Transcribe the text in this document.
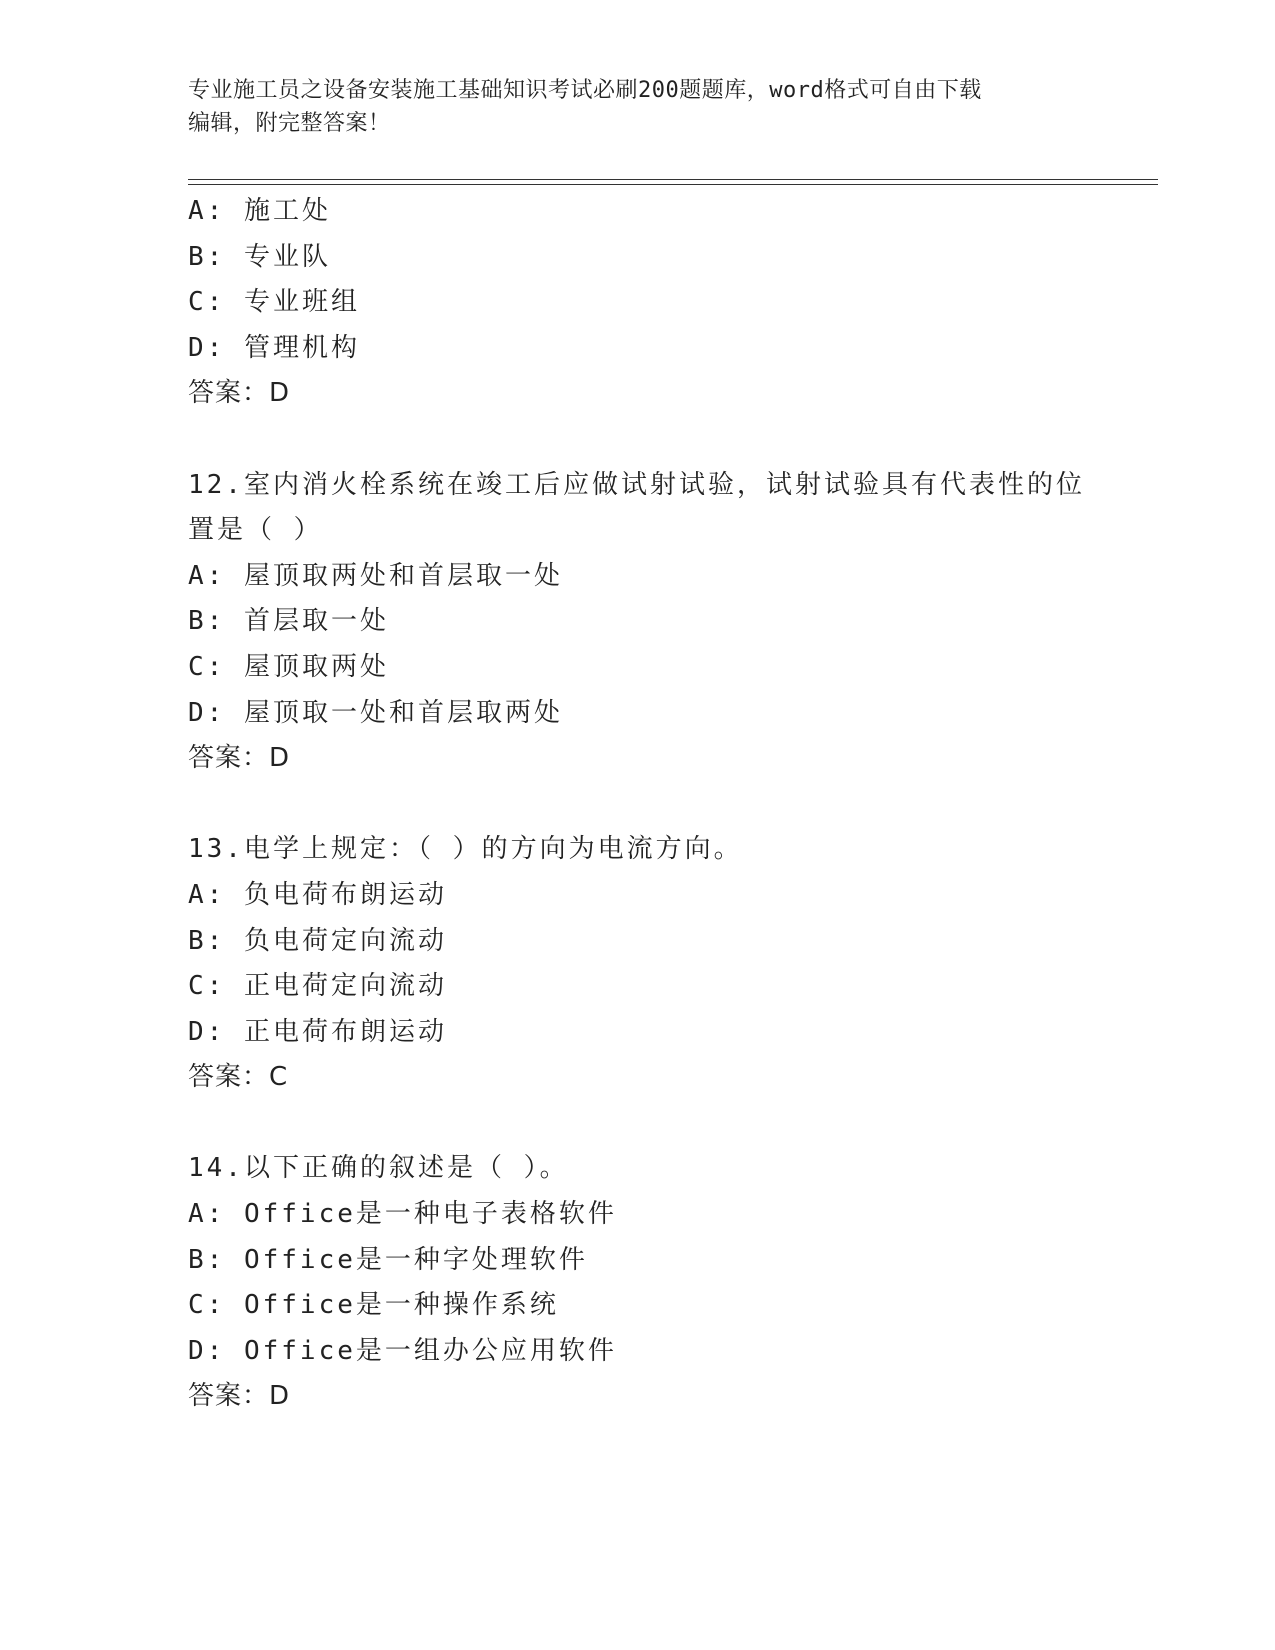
专业施工员之设备安装施工基础知识考试必刷200题题库，word格式可自由下载
编辑，附完整答案！
A: 施工处
B: 专业队
C: 专业班组
D: 管理机构
答案：D
12.室内消火栓系统在竣工后应做试射试验，试射试验具有代表性的位
置是（ ）
A: 屋顶取两处和首层取一处
B: 首层取一处
C: 屋顶取两处
D: 屋顶取一处和首层取两处
答案：D
13.电学上规定：（ ）的方向为电流方向。
A: 负电荷布朗运动
B: 负电荷定向流动
C: 正电荷定向流动
D: 正电荷布朗运动
答案：C
14.以下正确的叙述是（ ）。
A: Office是一种电子表格软件
B: Office是一种字处理软件
C: Office是一种操作系统
D: Office是一组办公应用软件
答案：D
